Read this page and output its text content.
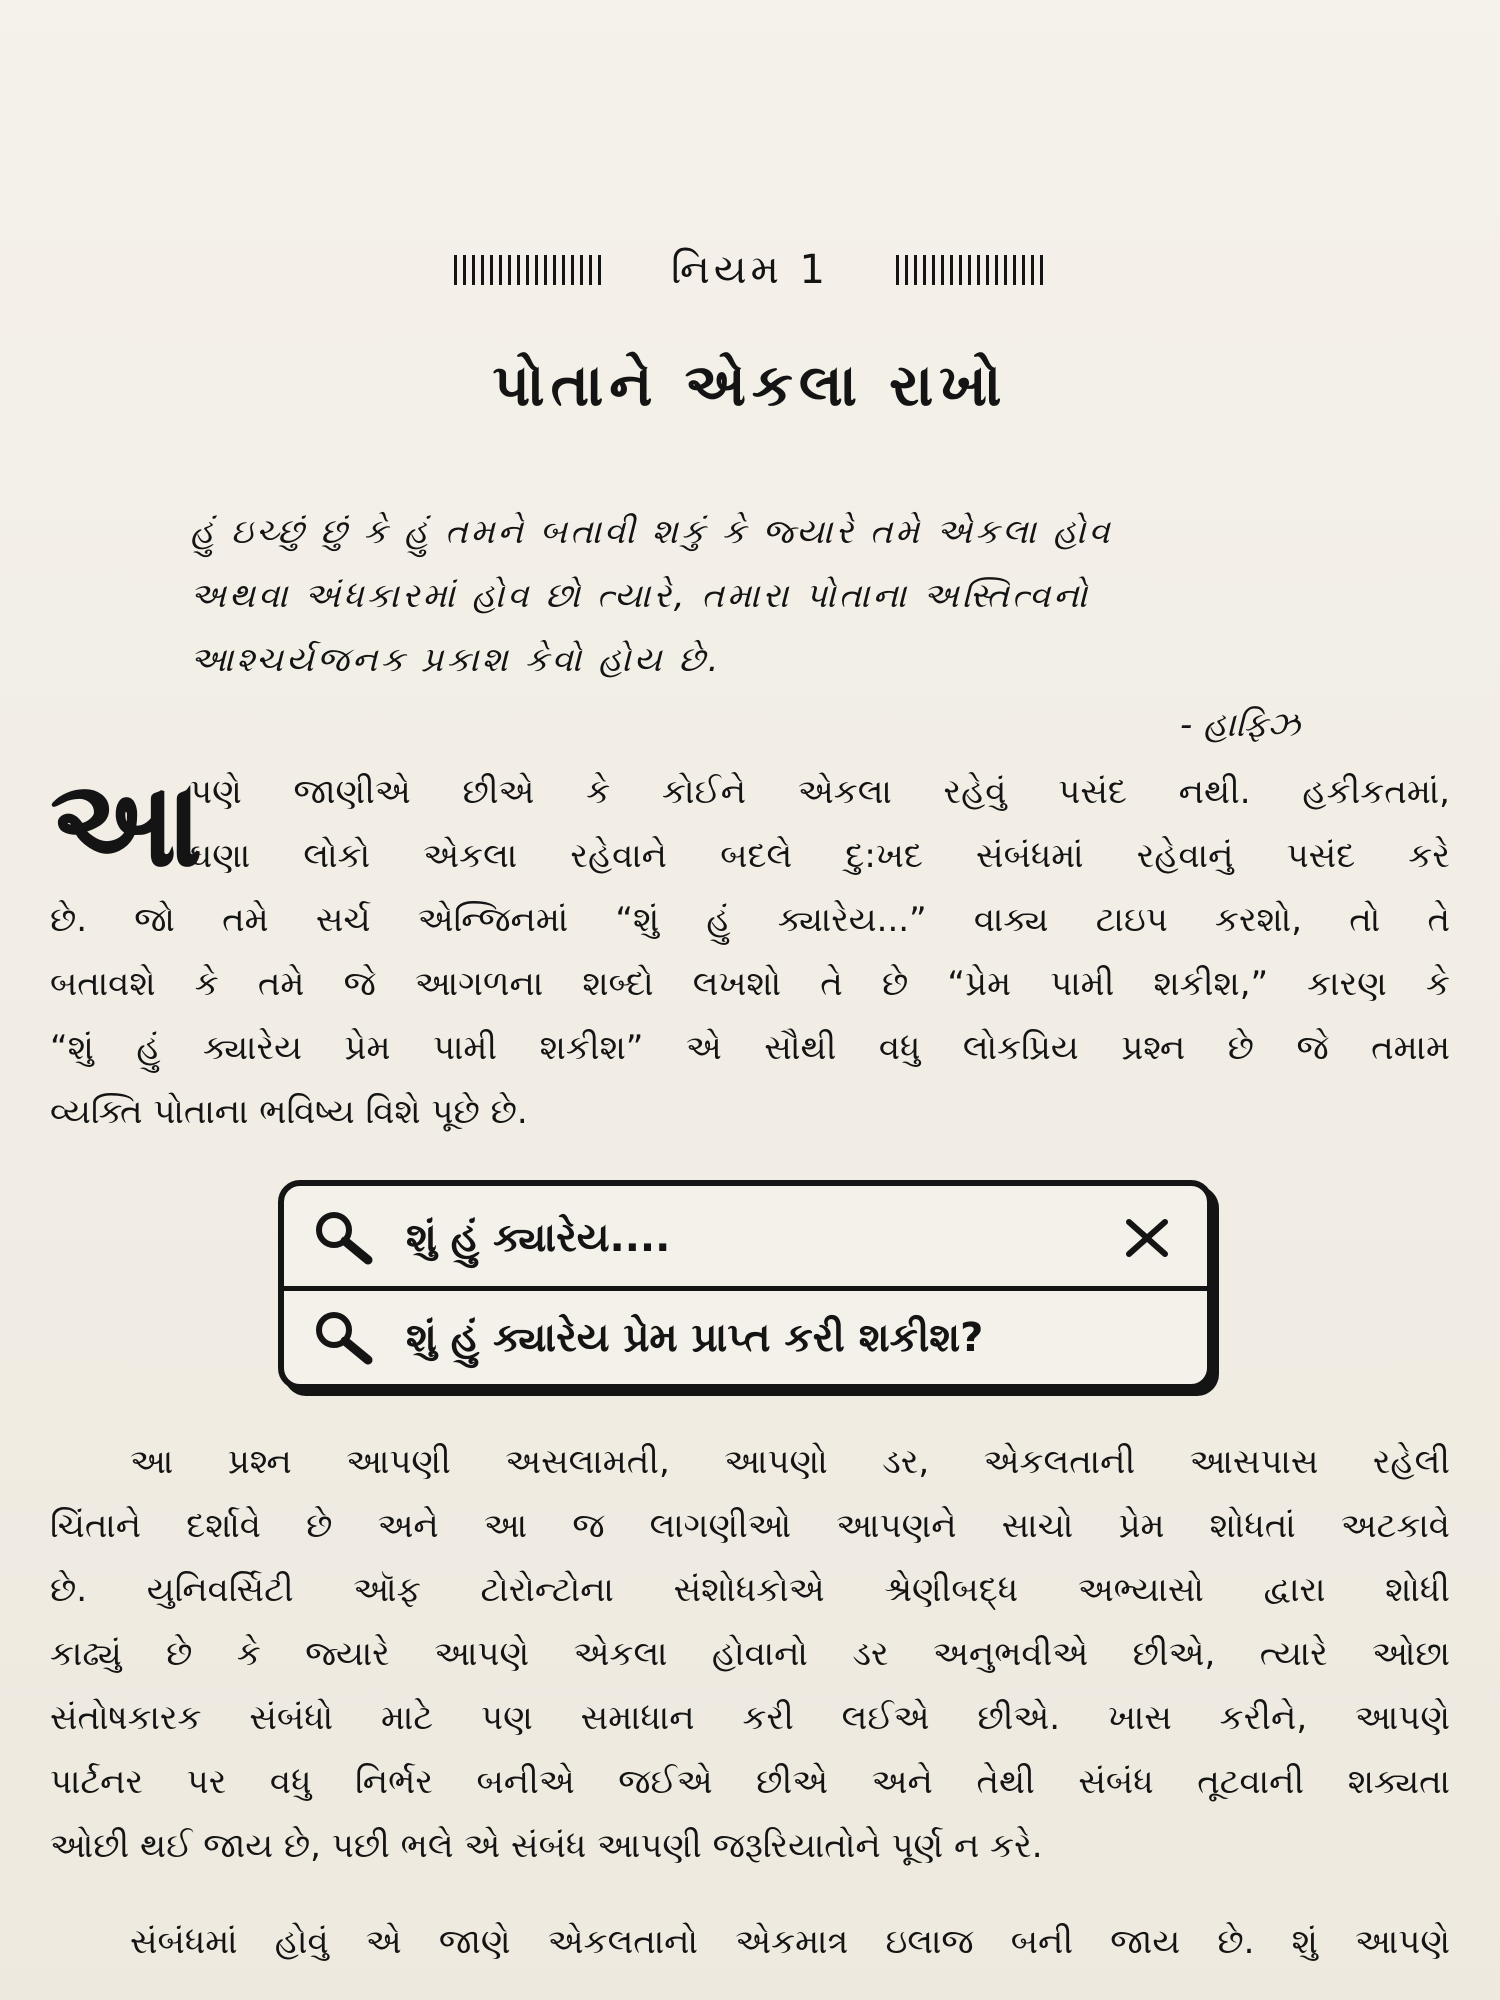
નિયમ 1
પોતાને એકલા રાખો
હું ઇચ્છું છું કે હું તમને બતાવી શકું કે જ્યારે તમે એકલા હોવ
અથવા અંધકારમાં હોવ છો ત્યારે, તમારા પોતાના અસ્તિત્વનો
આશ્ચર્યજનક પ્રકાશ કેવો હોય છે.
- હાફિઝ
આ
પણે જાણીએ છીએ કે કોઈને એકલા રહેવું પસંદ નથી. હકીકતમાં,
ઘણા લોકો એકલા રહેવાને બદલે દુ:ખદ સંબંધમાં રહેવાનું પસંદ કરે
છે. જો તમે સર્ચ એન્જિનમાં “શું હું ક્યારેય...” વાક્ય ટાઇપ કરશો, તો તે
બતાવશે કે તમે જે આગળના શબ્દો લખશો તે છે “પ્રેમ પામી શકીશ,” કારણ કે
“શું હું ક્યારેય પ્રેમ પામી શકીશ” એ સૌથી વધુ લોકપ્રિય પ્રશ્ન છે જે તમામ
વ્યક્તિ પોતાના ભવિષ્ય વિશે પૂછે છે.
શું હું ક્યારેય....
શું હું ક્યારેય પ્રેમ પ્રાપ્ત કરી શકીશ?
આ પ્રશ્ન આપણી અસલામતી, આપણો ડર, એકલતાની આસપાસ રહેલી
ચિંતાને દર્શાવે છે અને આ જ લાગણીઓ આપણને સાચો પ્રેમ શોધતાં અટકાવે
છે. યુનિવર્સિટી ઑફ ટોરોન્ટોના સંશોધકોએ શ્રેણીબદ્ધ અભ્યાસો દ્વારા શોધી
કાઢ્યું છે કે જ્યારે આપણે એકલા હોવાનો ડર અનુભવીએ છીએ, ત્યારે ઓછા
સંતોષકારક સંબંધો માટે પણ સમાધાન કરી લઈએ છીએ. ખાસ કરીને, આપણે
પાર્ટનર પર વધુ નિર્ભર બનીએ જઈએ છીએ અને તેથી સંબંધ તૂટવાની શક્યતા
ઓછી થઈ જાય છે, પછી ભલે એ સંબંધ આપણી જરૂરિયાતોને પૂર્ણ ન કરે.
સંબંધમાં હોવું એ જાણે એકલતાનો એકમાત્ર ઇલાજ બની જાય છે. શું આપણે
